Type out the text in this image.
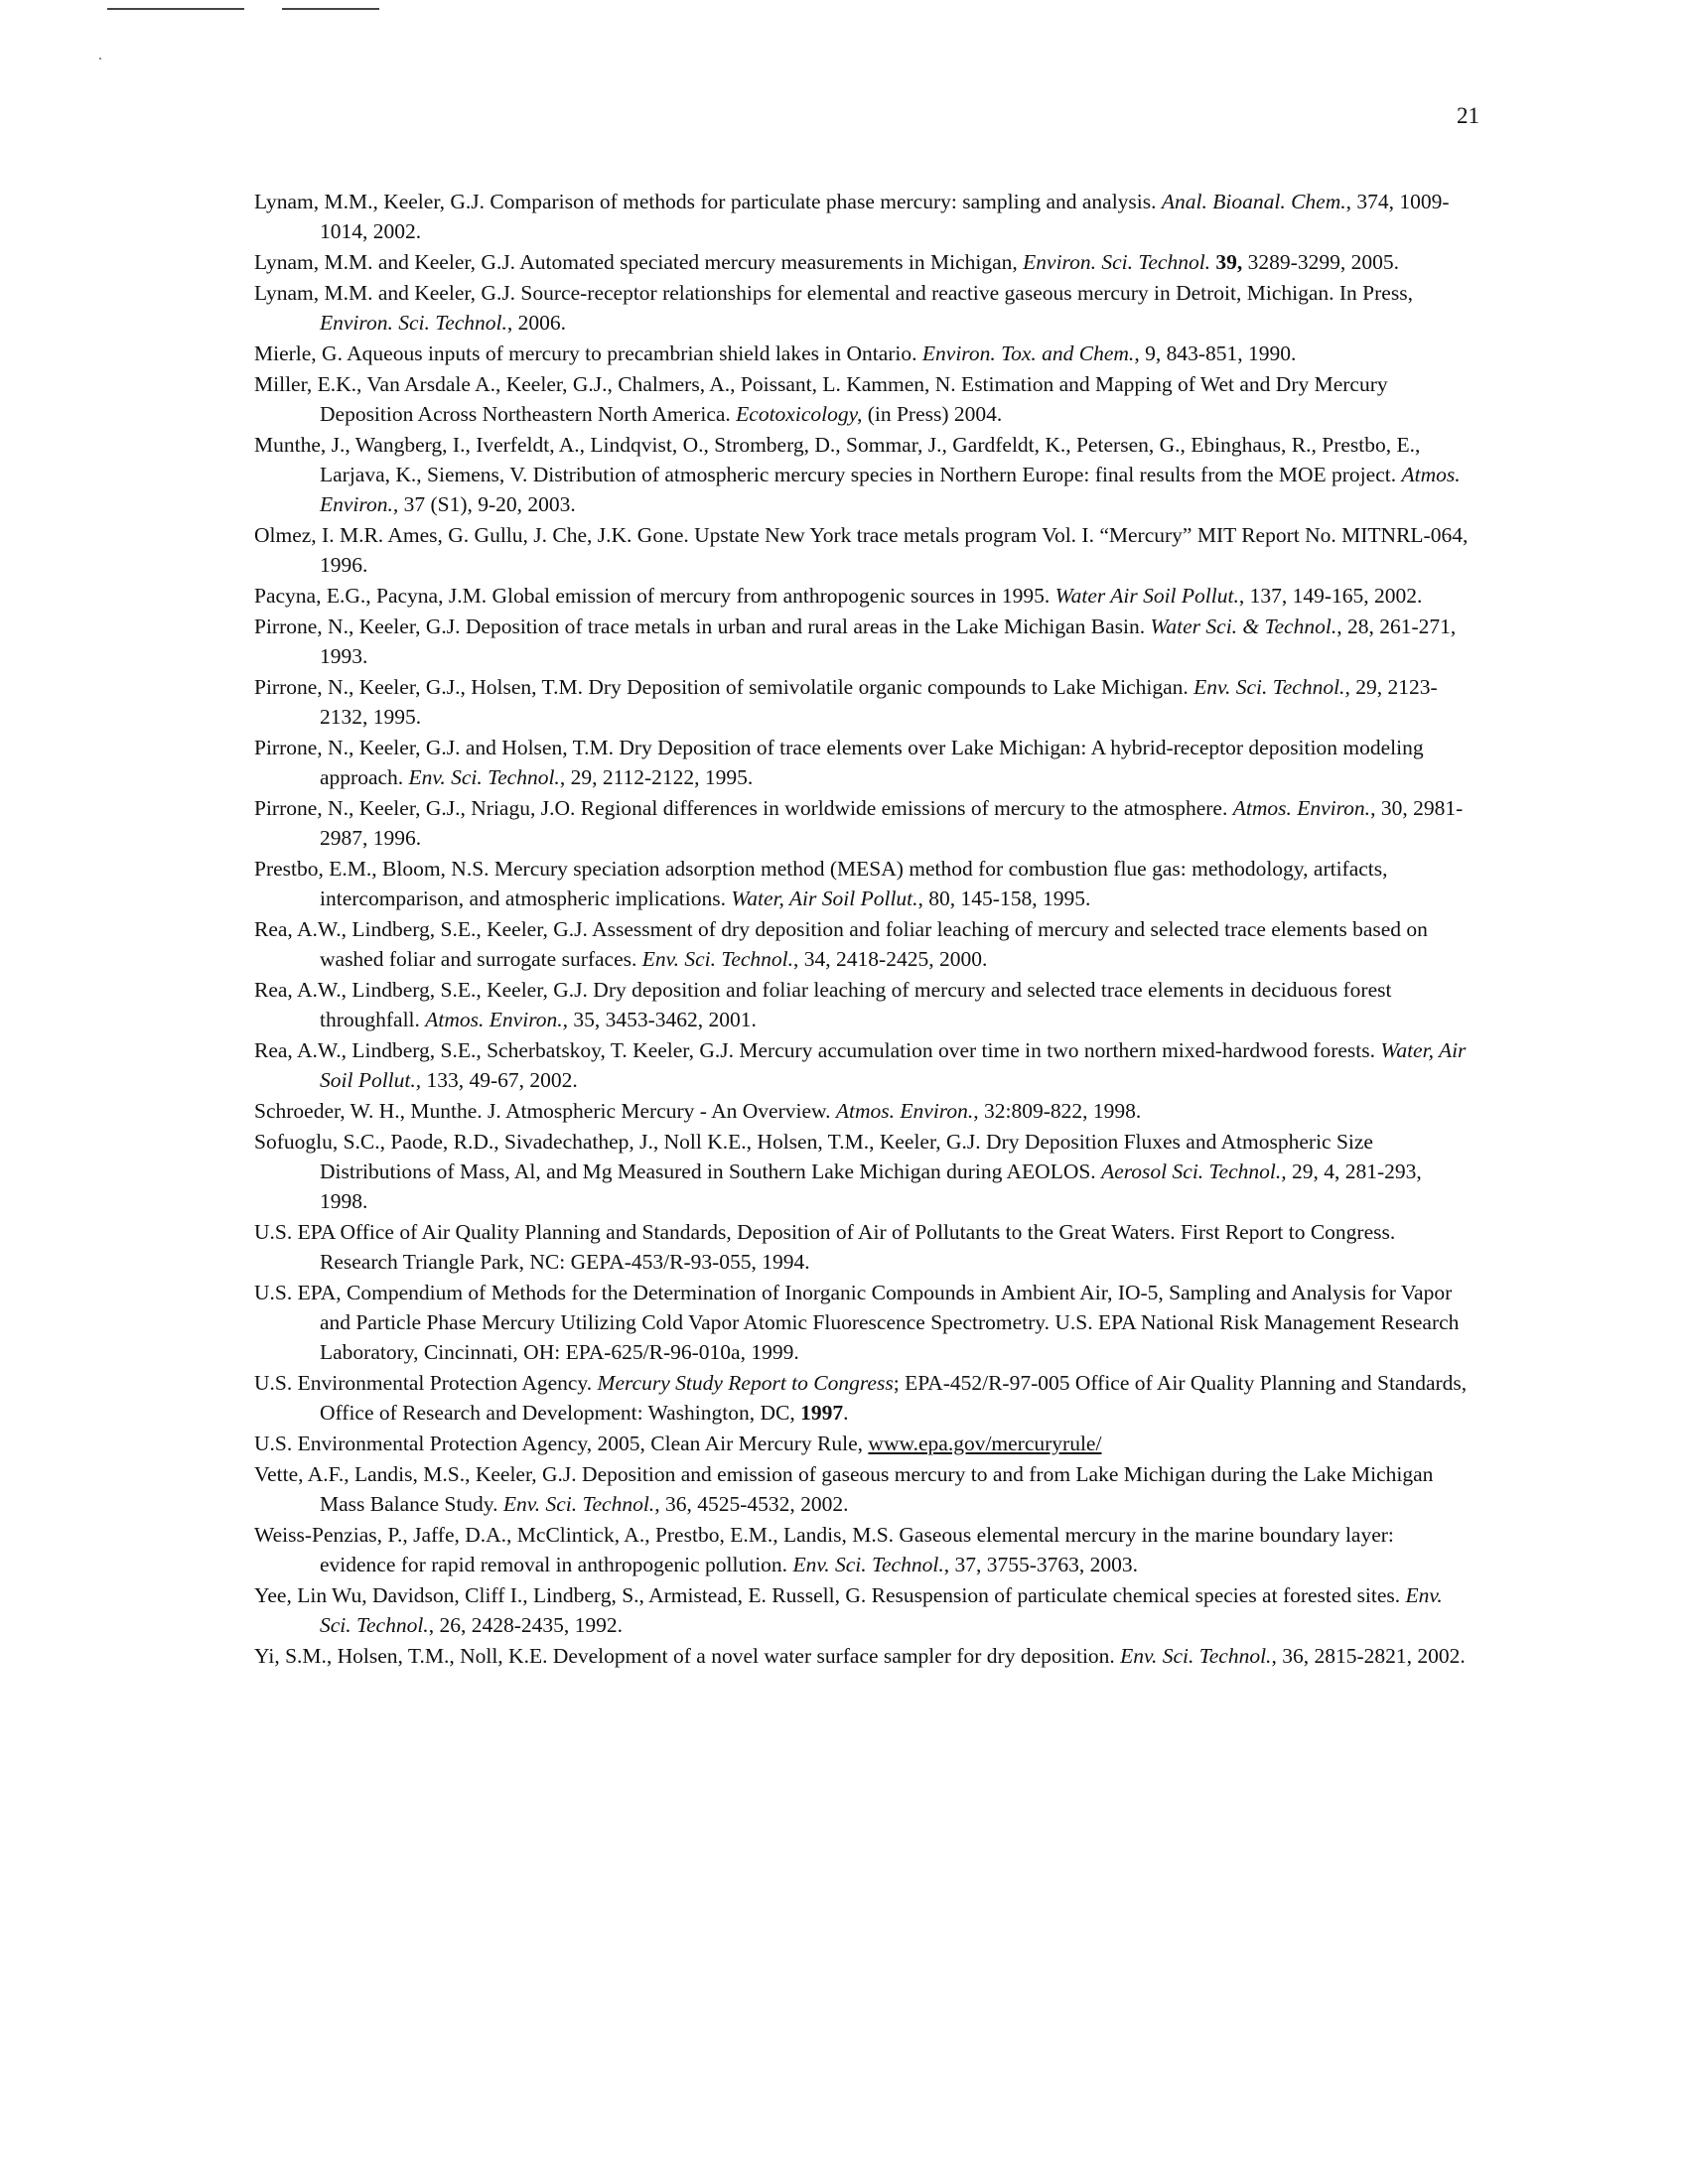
21

Lynam, M.M., Keeler, G.J. Comparison of methods for particulate phase mercury: sampling and analysis. Anal. Bioanal. Chem., 374, 1009-1014, 2002.

Lynam, M.M. and Keeler, G.J. Automated speciated mercury measurements in Michigan, Environ. Sci. Technol. 39, 3289-3299, 2005.

Lynam, M.M. and Keeler, G.J. Source-receptor relationships for elemental and reactive gaseous mercury in Detroit, Michigan. In Press, Environ. Sci. Technol., 2006.

Mierle, G. Aqueous inputs of mercury to precambrian shield lakes in Ontario. Environ. Tox. and Chem., 9, 843-851, 1990.

Miller, E.K., Van Arsdale A., Keeler, G.J., Chalmers, A., Poissant, L. Kammen, N. Estimation and Mapping of Wet and Dry Mercury Deposition Across Northeastern North America. Ecotoxicology, (in Press) 2004.

Munthe, J., Wangberg, I., Iverfeldt, A., Lindqvist, O., Stromberg, D., Sommar, J., Gardfeldt, K., Petersen, G., Ebinghaus, R., Prestbo, E., Larjava, K., Siemens, V. Distribution of atmospheric mercury species in Northern Europe: final results from the MOE project. Atmos. Environ., 37 (S1), 9-20, 2003.

Olmez, I. M.R. Ames, G. Gullu, J. Che, J.K. Gone. Upstate New York trace metals program Vol. I. “Mercury” MIT Report No. MITNRL-064, 1996.

Pacyna, E.G., Pacyna, J.M. Global emission of mercury from anthropogenic sources in 1995. Water Air Soil Pollut., 137, 149-165, 2002.

Pirrone, N., Keeler, G.J. Deposition of trace metals in urban and rural areas in the Lake Michigan Basin. Water Sci. & Technol., 28, 261-271, 1993.

Pirrone, N., Keeler, G.J., Holsen, T.M. Dry Deposition of semivolatile organic compounds to Lake Michigan. Env. Sci. Technol., 29, 2123-2132, 1995.

Pirrone, N., Keeler, G.J. and Holsen, T.M. Dry Deposition of trace elements over Lake Michigan: A hybrid-receptor deposition modeling approach. Env. Sci. Technol., 29, 2112-2122, 1995.

Pirrone, N., Keeler, G.J., Nriagu, J.O. Regional differences in worldwide emissions of mercury to the atmosphere. Atmos. Environ., 30, 2981-2987, 1996.

Prestbo, E.M., Bloom, N.S. Mercury speciation adsorption method (MESA) method for combustion flue gas: methodology, artifacts, intercomparison, and atmospheric implications. Water, Air Soil Pollut., 80, 145-158, 1995.

Rea, A.W., Lindberg, S.E., Keeler, G.J. Assessment of dry deposition and foliar leaching of mercury and selected trace elements based on washed foliar and surrogate surfaces. Env. Sci. Technol., 34, 2418-2425, 2000.

Rea, A.W., Lindberg, S.E., Keeler, G.J. Dry deposition and foliar leaching of mercury and selected trace elements in deciduous forest throughfall. Atmos. Environ., 35, 3453-3462, 2001.

Rea, A.W., Lindberg, S.E., Scherbatskoy, T. Keeler, G.J. Mercury accumulation over time in two northern mixed-hardwood forests. Water, Air Soil Pollut., 133, 49-67, 2002.

Schroeder, W. H., Munthe. J. Atmospheric Mercury - An Overview. Atmos. Environ., 32:809-822, 1998.

Sofuoglu, S.C., Paode, R.D., Sivadechathep, J., Noll K.E., Holsen, T.M., Keeler, G.J. Dry Deposition Fluxes and Atmospheric Size Distributions of Mass, Al, and Mg Measured in Southern Lake Michigan during AEOLOS. Aerosol Sci. Technol., 29, 4, 281-293, 1998.

U.S. EPA Office of Air Quality Planning and Standards, Deposition of Air of Pollutants to the Great Waters. First Report to Congress. Research Triangle Park, NC: GEPA-453/R-93-055, 1994.

U.S. EPA, Compendium of Methods for the Determination of Inorganic Compounds in Ambient Air, IO-5, Sampling and Analysis for Vapor and Particle Phase Mercury Utilizing Cold Vapor Atomic Fluorescence Spectrometry. U.S. EPA National Risk Management Research Laboratory, Cincinnati, OH: EPA-625/R-96-010a, 1999.

U.S. Environmental Protection Agency. Mercury Study Report to Congress; EPA-452/R-97-005 Office of Air Quality Planning and Standards, Office of Research and Development: Washington, DC, 1997.

U.S. Environmental Protection Agency, 2005, Clean Air Mercury Rule, www.epa.gov/mercuryrule/

Vette, A.F., Landis, M.S., Keeler, G.J. Deposition and emission of gaseous mercury to and from Lake Michigan during the Lake Michigan Mass Balance Study. Env. Sci. Technol., 36, 4525-4532, 2002.

Weiss-Penzias, P., Jaffe, D.A., McClintick, A., Prestbo, E.M., Landis, M.S. Gaseous elemental mercury in the marine boundary layer: evidence for rapid removal in anthropogenic pollution. Env. Sci. Technol., 37, 3755-3763, 2003.

Yee, Lin Wu, Davidson, Cliff I., Lindberg, S., Armistead, E. Russell, G. Resuspension of particulate chemical species at forested sites. Env. Sci. Technol., 26, 2428-2435, 1992.

Yi, S.M., Holsen, T.M., Noll, K.E. Development of a novel water surface sampler for dry deposition. Env. Sci. Technol., 36, 2815-2821, 2002.
